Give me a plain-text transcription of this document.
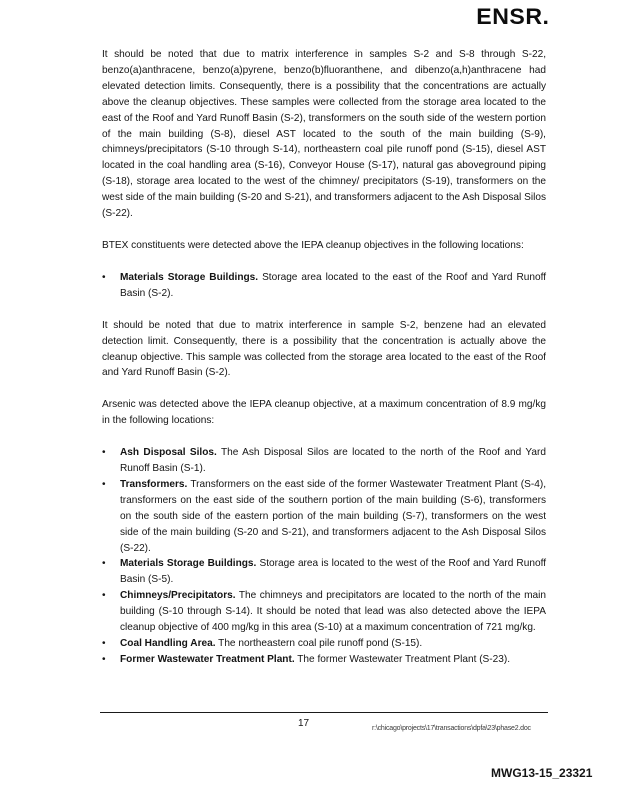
ENSR.

It should be noted that due to matrix interference in samples S-2 and S-8 through S-22, benzo(a)anthracene, benzo(a)pyrene, benzo(b)fluoranthene, and dibenzo(a,h)anthracene had elevated detection limits. Consequently, there is a possibility that the concentrations are actually above the cleanup objectives. These samples were collected from the storage area located to the east of the Roof and Yard Runoff Basin (S-2), transformers on the south side of the western portion of the main building (S-8), diesel AST located to the south of the main building (S-9), chimneys/precipitators (S-10 through S-14), northeastern coal pile runoff pond (S-15), diesel AST located in the coal handling area (S-16), Conveyor House (S-17), natural gas aboveground piping (S-18), storage area located to the west of the chimney/ precipitators (S-19), transformers on the west side of the main building (S-20 and S-21), and transformers adjacent to the Ash Disposal Silos (S-22).

BTEX constituents were detected above the IEPA cleanup objectives in the following locations:

• Materials Storage Buildings. Storage area located to the east of the Roof and Yard Runoff Basin (S-2).

It should be noted that due to matrix interference in sample S-2, benzene had an elevated detection limit. Consequently, there is a possibility that the concentration is actually above the cleanup objective. This sample was collected from the storage area located to the east of the Roof and Yard Runoff Basin (S-2).

Arsenic was detected above the IEPA cleanup objective, at a maximum concentration of 8.9 mg/kg in the following locations:

• Ash Disposal Silos. The Ash Disposal Silos are located to the north of the Roof and Yard Runoff Basin (S-1).
• Transformers. Transformers on the east side of the former Wastewater Treatment Plant (S-4), transformers on the east side of the southern portion of the main building (S-6), transformers on the south side of the eastern portion of the main building (S-7), transformers on the west side of the main building (S-20 and S-21), and transformers adjacent to the Ash Disposal Silos (S-22).
• Materials Storage Buildings. Storage area is located to the west of the Roof and Yard Runoff Basin (S-5).
• Chimneys/Precipitators. The chimneys and precipitators are located to the north of the main building (S-10 through S-14). It should be noted that lead was also detected above the IEPA cleanup objective of 400 mg/kg in this area (S-10) at a maximum concentration of 721 mg/kg.
• Coal Handling Area. The northeastern coal pile runoff pond (S-15).
• Former Wastewater Treatment Plant. The former Wastewater Treatment Plant (S-23).
17	r:\chicago\projects\17\transactions\dpfa\23\phase2.doc
MWG13-15_23321
